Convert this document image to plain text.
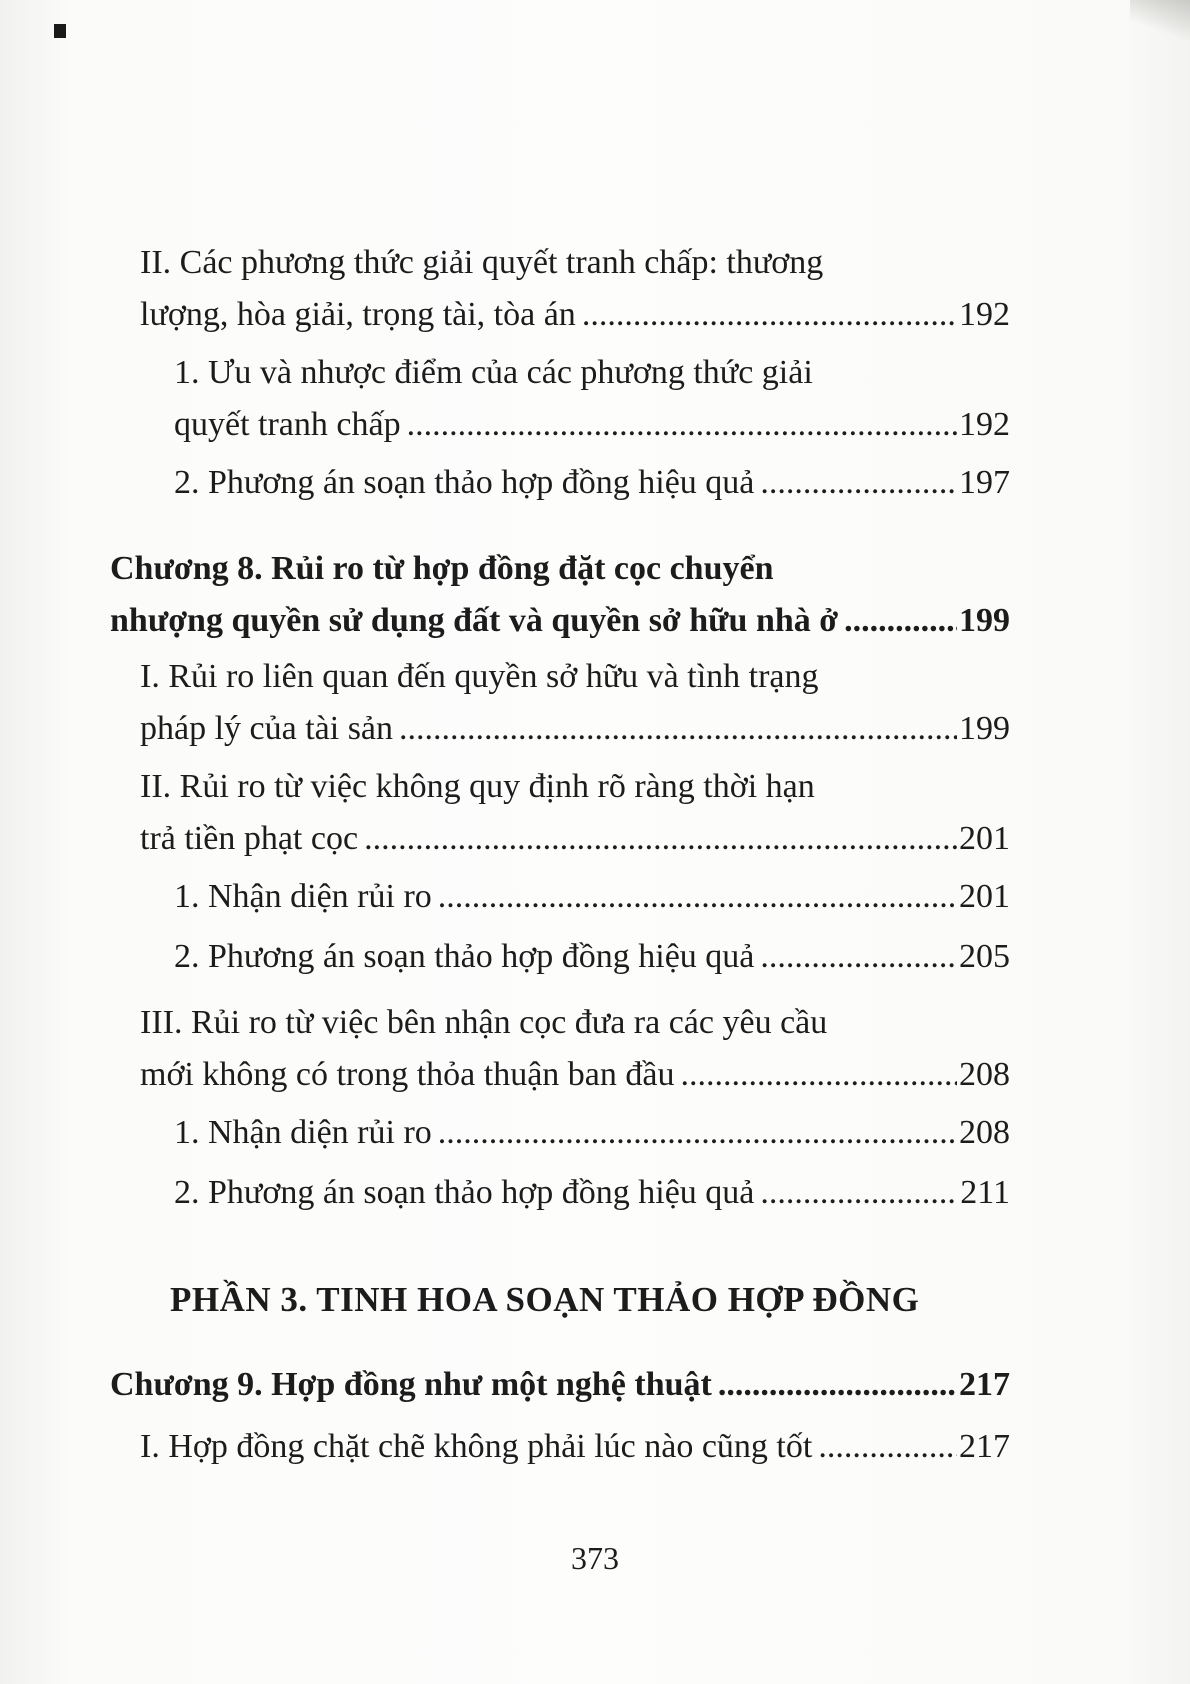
II. Các phương thức giải quyết tranh chấp: thương
lượng, hòa giải, trọng tài, tòa án .....	192
1. Ưu và nhược điểm của các phương thức giải
quyết tranh chấp .....	192
2. Phương án soạn thảo hợp đồng hiệu quả .....	197
Chương 8. Rủi ro từ hợp đồng đặt cọc chuyển
nhượng quyền sử dụng đất và quyền sở hữu nhà ở .....	199
I. Rủi ro liên quan đến quyền sở hữu và tình trạng
pháp lý của tài sản .....	199
II. Rủi ro từ việc không quy định rõ ràng thời hạn
trả tiền phạt cọc .....	201
1. Nhận diện rủi ro .....	201
2. Phương án soạn thảo hợp đồng hiệu quả .....	205
III. Rủi ro từ việc bên nhận cọc đưa ra các yêu cầu
mới không có trong thỏa thuận ban đầu .....	208
1. Nhận diện rủi ro .....	208
2. Phương án soạn thảo hợp đồng hiệu quả .....	211
PHẦN 3. TINH HOA SOẠN THẢO HỢP ĐỒNG
Chương 9. Hợp đồng như một nghệ thuật .....	217
I. Hợp đồng chặt chẽ không phải lúc nào cũng tốt .....	217
373
